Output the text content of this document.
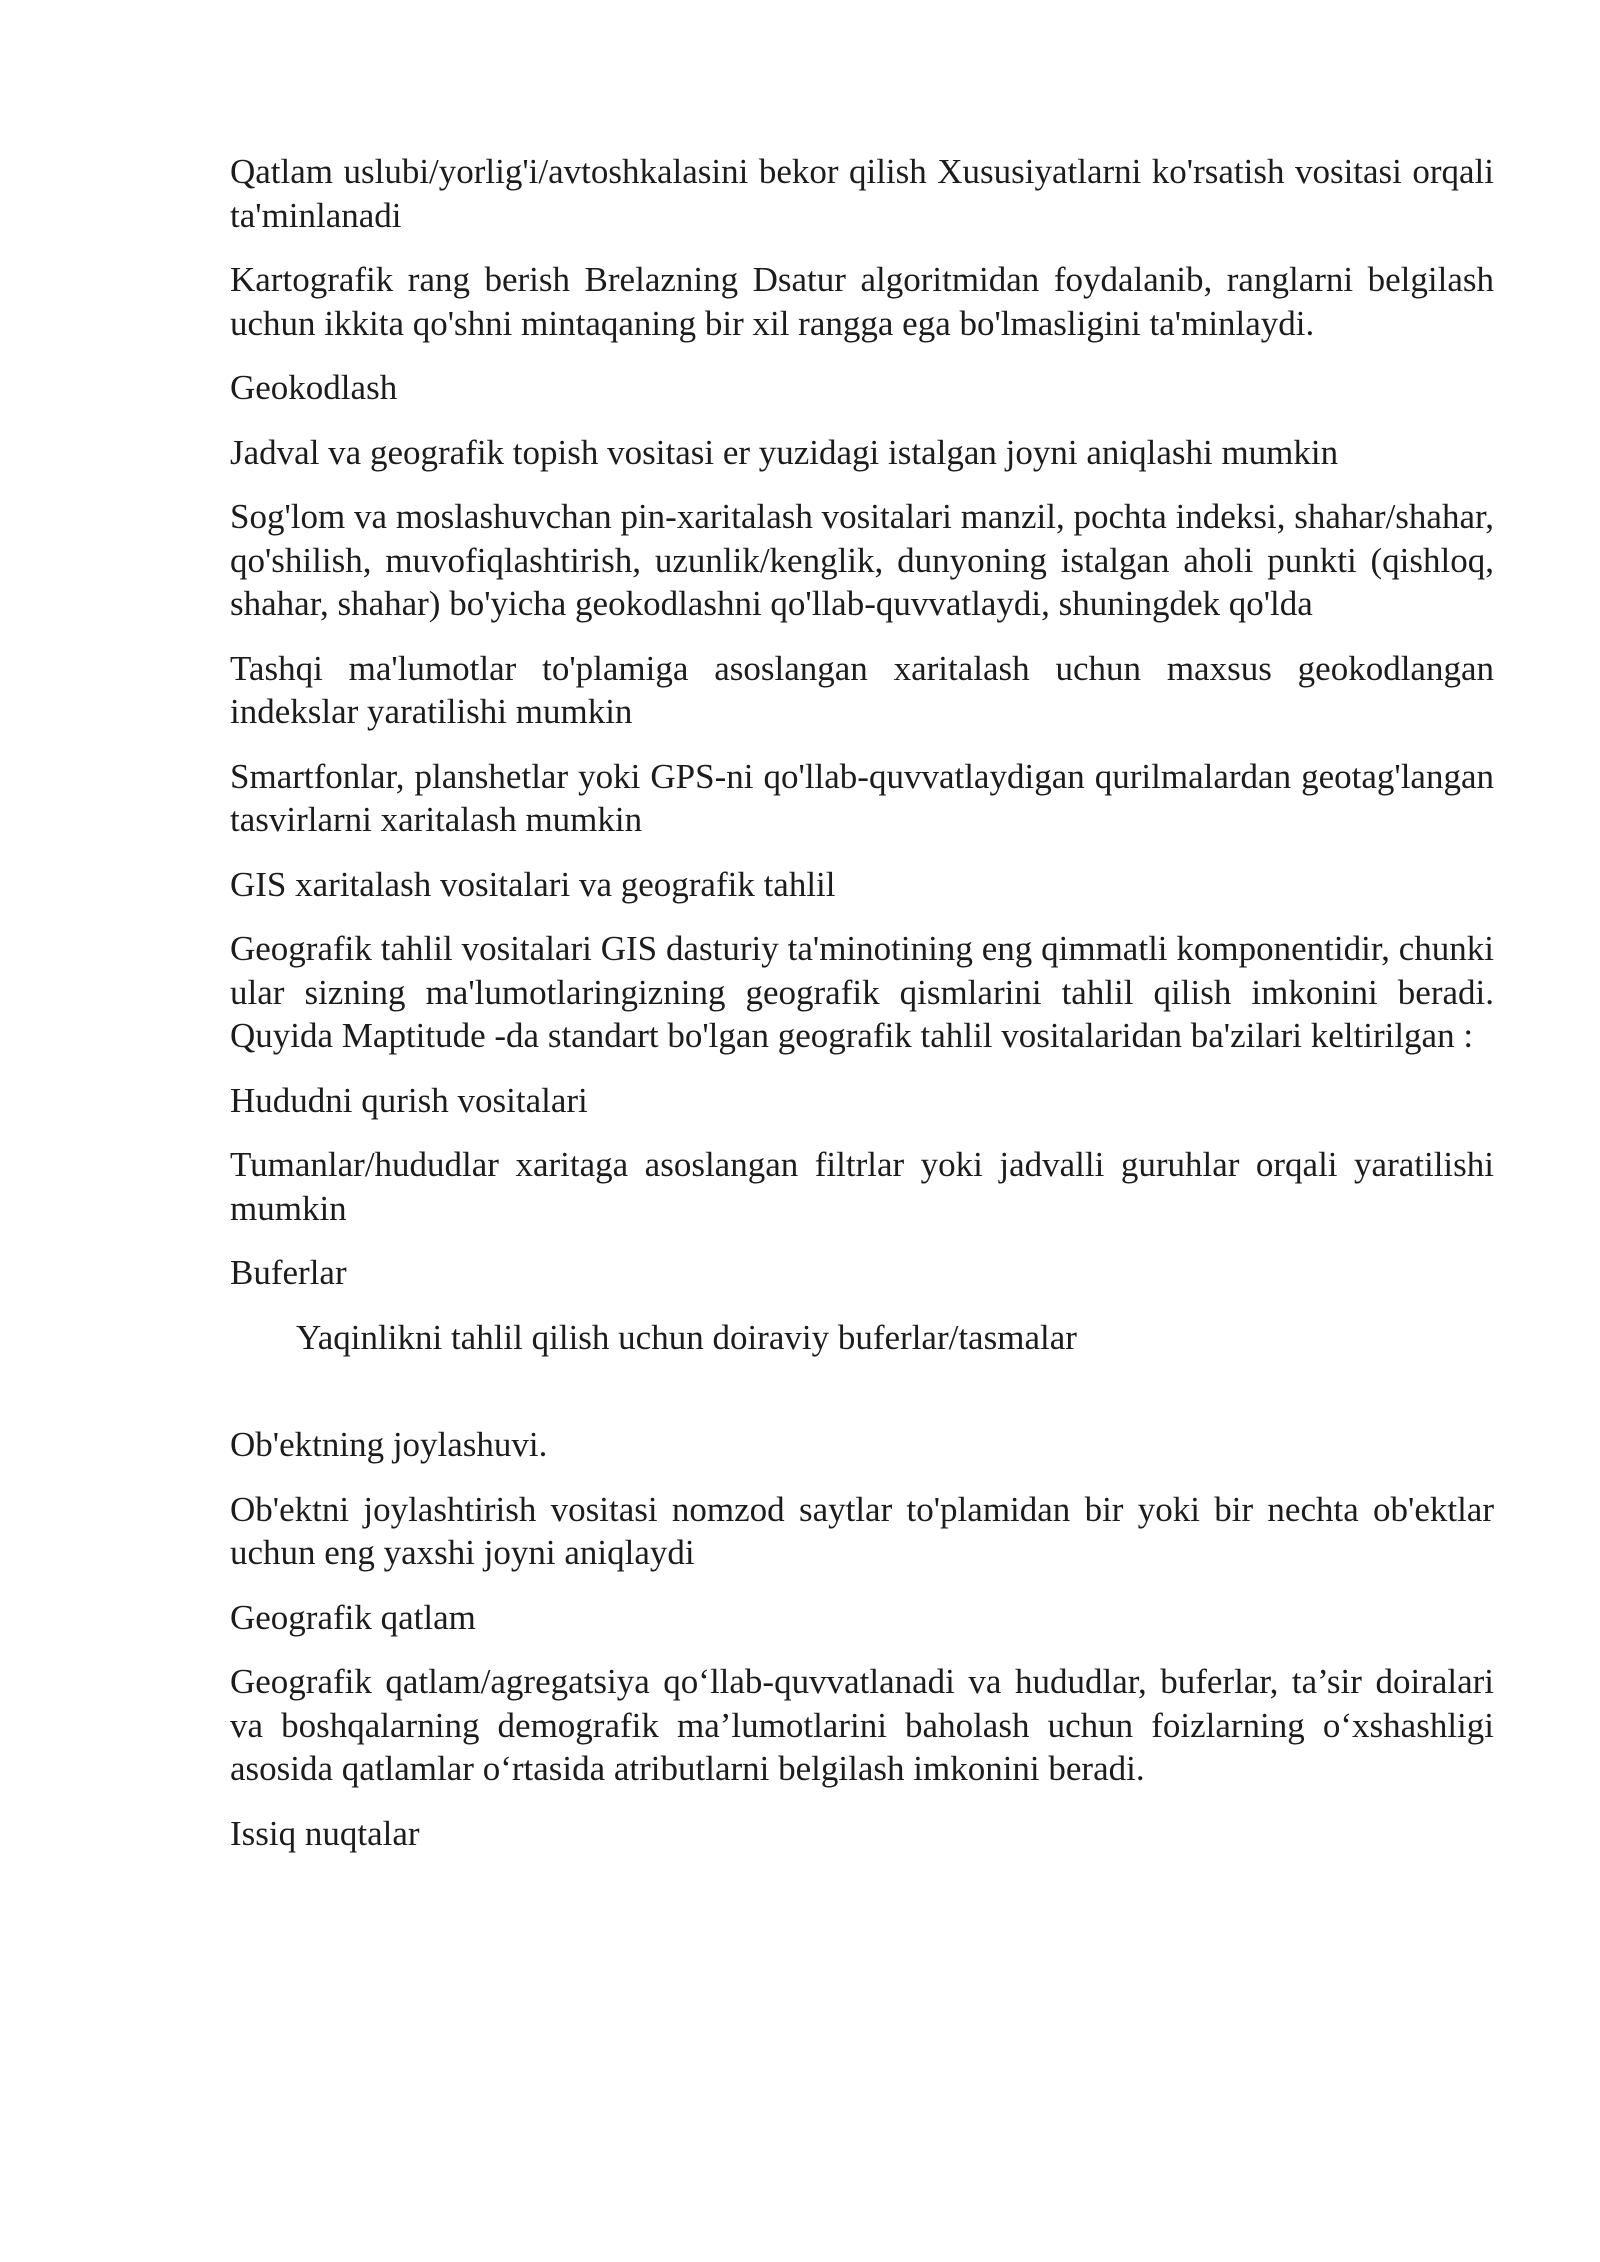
Qatlam uslubi/yorlig'i/avtoshkalasini bekor qilish Xususiyatlarni ko'rsatish vositasi orqali ta'minlanadi

Kartografik rang berish Brelazning Dsatur algoritmidan foydalanib, ranglarni belgilash uchun ikkita qo'shni mintaqaning bir xil rangga ega bo'lmasligini ta'minlaydi.

Geokodlash

Jadval va geografik topish vositasi er yuzidagi istalgan joyni aniqlashi mumkin

Sog'lom va moslashuvchan pin-xaritalash vositalari manzil, pochta indeksi, shahar/shahar, qo'shilish, muvofiqlashtirish, uzunlik/kenglik, dunyoning istalgan aholi punkti (qishloq, shahar, shahar) bo'yicha geokodlashni qo'llab-quvvatlaydi, shuningdek qo'lda

Tashqi ma'lumotlar to'plamiga asoslangan xaritalash uchun maxsus geokodlangan indekslar yaratilishi mumkin

Smartfonlar, planshetlar yoki GPS-ni qo'llab-quvvatlaydigan qurilmalardan geotag'langan tasvirlarni xaritalash mumkin

GIS xaritalash vositalari va geografik tahlil

Geografik tahlil vositalari GIS dasturiy ta'minotining eng qimmatli komponentidir, chunki ular sizning ma'lumotlaringizning geografik qismlarini tahlil qilish imkonini beradi. Quyida Maptitude -da standart bo'lgan geografik tahlil vositalaridan ba'zilari keltirilgan :

Hududni qurish vositalari

Tumanlar/hududlar xaritaga asoslangan filtrlar yoki jadvalli guruhlar orqali yaratilishi mumkin

Buferlar

Yaqinlikni tahlil qilish uchun doiraviy buferlar/tasmalar

Ob'ektning joylashuvi.

Ob'ektni joylashtirish vositasi nomzod saytlar to'plamidan bir yoki bir nechta ob'ektlar uchun eng yaxshi joyni aniqlaydi

Geografik qatlam

Geografik qatlam/agregatsiya qo‘llab-quvvatlanadi va hududlar, buferlar, ta’sir doiralari va boshqalarning demografik ma’lumotlarini baholash uchun foizlarning o‘xshashligi asosida qatlamlar o‘rtasida atributlarni belgilash imkonini beradi.

Issiq nuqtalar
